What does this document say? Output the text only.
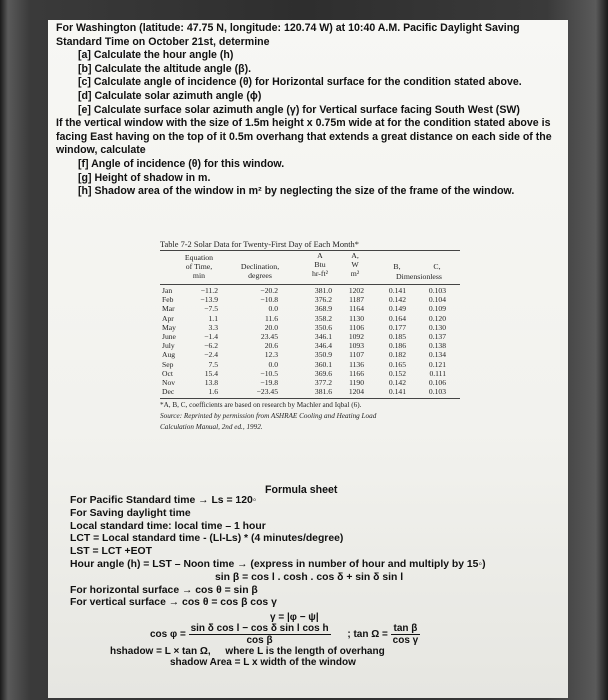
For Washington (latitude: 47.75 N, longitude: 120.74 W) at 10:40 A.M. Pacific Daylight Saving Standard Time on October 21st, determine
[a] Calculate the hour angle (h)
[b] Calculate the altitude angle (β).
[c] Calculate angle of incidence (θ) for Horizontal surface for the condition stated above.
[d] Calculate solar azimuth angle (ϕ)
[e] Calculate surface solar azimuth angle (γ) for Vertical surface facing South West (SW)
If the vertical window with the size of 1.5m height x 0.75m wide at for the condition stated above is facing East having on the top of it 0.5m overhang that extends a great distance on each side of the window, calculate
[f] Angle of incidence (θ) for this window.
[g] Height of shadow in m.
[h] Shadow area of the window in m² by neglecting the size of the frame of the window.
Table 7-2 Solar Data for Twenty-First Day of Each Month*
Equation
of Time,
min
Declination,
degrees
A
Btu
hr-ft²
A,
W
m²
B,	C,
Dimensionless
Jan	−11.2	−20.2	381.0	1202	0.141	0.103
Feb	−13.9	−10.8	376.2	1187	0.142	0.104
Mar	−7.5	0.0	368.9	1164	0.149	0.109
Apr	1.1	11.6	358.2	1130	0.164	0.120
May	3.3	20.0	350.6	1106	0.177	0.130
June	−1.4	23.45	346.1	1092	0.185	0.137
July	−6.2	20.6	346.4	1093	0.186	0.138
Aug	−2.4	12.3	350.9	1107	0.182	0.134
Sep	7.5	0.0	360.1	1136	0.165	0.121
Oct	15.4	−10.5	369.6	1166	0.152	0.111
Nov	13.8	−19.8	377.2	1190	0.142	0.106
Dec	1.6	−23.45	381.6	1204	0.141	0.103
*A, B, C, coefficients are based on research by Machler and Iqbal (6).
Source: Reprinted by permission from ASHRAE Cooling and Heating Load
Calculation Manual, 2nd ed., 1992.
Formula sheet
For Pacific Standard time → Ls = 120◦
For Saving daylight time
Local standard time: local time – 1 hour
LCT = Local standard time - (Ll-Ls) * (4 minutes/degree)
LST = LCT +EOT
Hour angle (h) = LST – Noon time → (express in number of hour and multiply by 15◦)
sin β = cos l . cosh . cos δ + sin δ sin l
For horizontal surface → cos θ = sin β
For vertical surface → cos θ = cos β cos γ
γ = |φ − ψ|
$\cos \varphi = \frac{\text{sin δ cos l − cos δ sin l cos h}}{\text{cos β}}$ ; $\tan \Omega = \frac{\text{tan β}}{\text{cos γ}}$
hshadow = L × tan Ω, where L is the length of overhang
shadow Area = L x width of the window
